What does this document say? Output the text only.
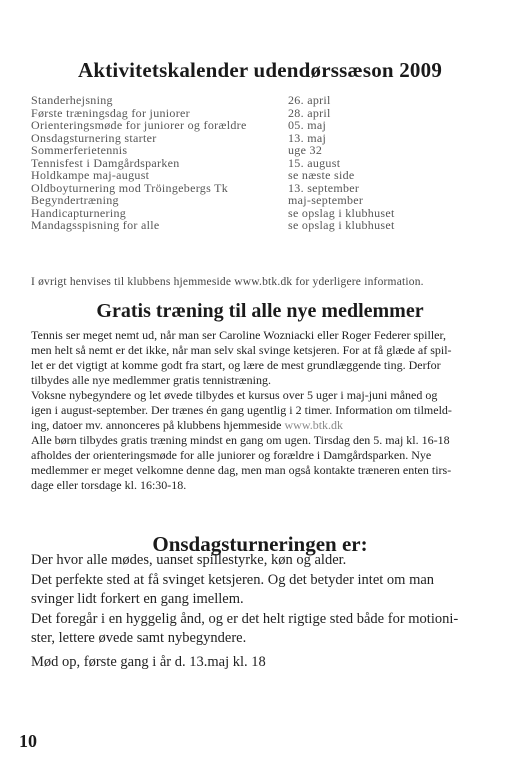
Aktivitetskalender udendørssæson 2009
Standerhejsning	26. april
Første træningsdag for juniorer	28. april
Orienteringsmøde for juniorer og forældre	05. maj
Onsdagsturnering starter	13. maj
Sommerferietennis	uge 32
Tennisfest i Damgårdsparken	15. august
Holdkampe maj-august	se næste side
Oldboyturnering mod Tröingebergs Tk	13. september
Begyndertræning	maj-september
Handicapturnering	se opslag i klubhuset
Mandagsspisning for alle	se opslag i klubhuset
I øvrigt henvises til klubbens hjemmeside www.btk.dk for yderligere information.
Gratis træning til alle nye medlemmer
Tennis ser meget nemt ud, når man ser Caroline Wozniacki eller Roger Federer spiller,
men helt så nemt er det ikke, når man selv skal svinge ketsjeren. For at få glæde af spil-
let er det vigtigt at komme godt fra start, og lære de mest grundlæggende ting. Derfor
tilbydes alle nye medlemmer gratis tennistræning.
Voksne nybegyndere og let øvede tilbydes et kursus over 5 uger i maj-juni måned og
igen i august-september. Der trænes én gang ugentlig i 2 timer. Information om tilmeld-
ing, datoer mv. annonceres på klubbens hjemmeside www.btk.dk
Alle børn tilbydes gratis træning mindst en gang om ugen. Tirsdag den 5. maj kl. 16-18
afholdes der orienteringsmøde for alle juniorer og forældre i Damgårdsparken. Nye
medlemmer er meget velkomne denne dag, men man også kontakte træneren enten tirs-
dage eller torsdage kl. 16:30-18.
Onsdagsturneringen er:
Der hvor alle mødes, uanset spillestyrke, køn og alder.
Det perfekte sted at få svinget ketsjeren. Og det betyder intet om man
svinger lidt forkert en gang imellem.
Det foregår i en hyggelig ånd, og er det helt rigtige sted både for motioni-
ster, lettere øvede samt nybegyndere.
Mød op, første gang i år d. 13.maj kl. 18
10
